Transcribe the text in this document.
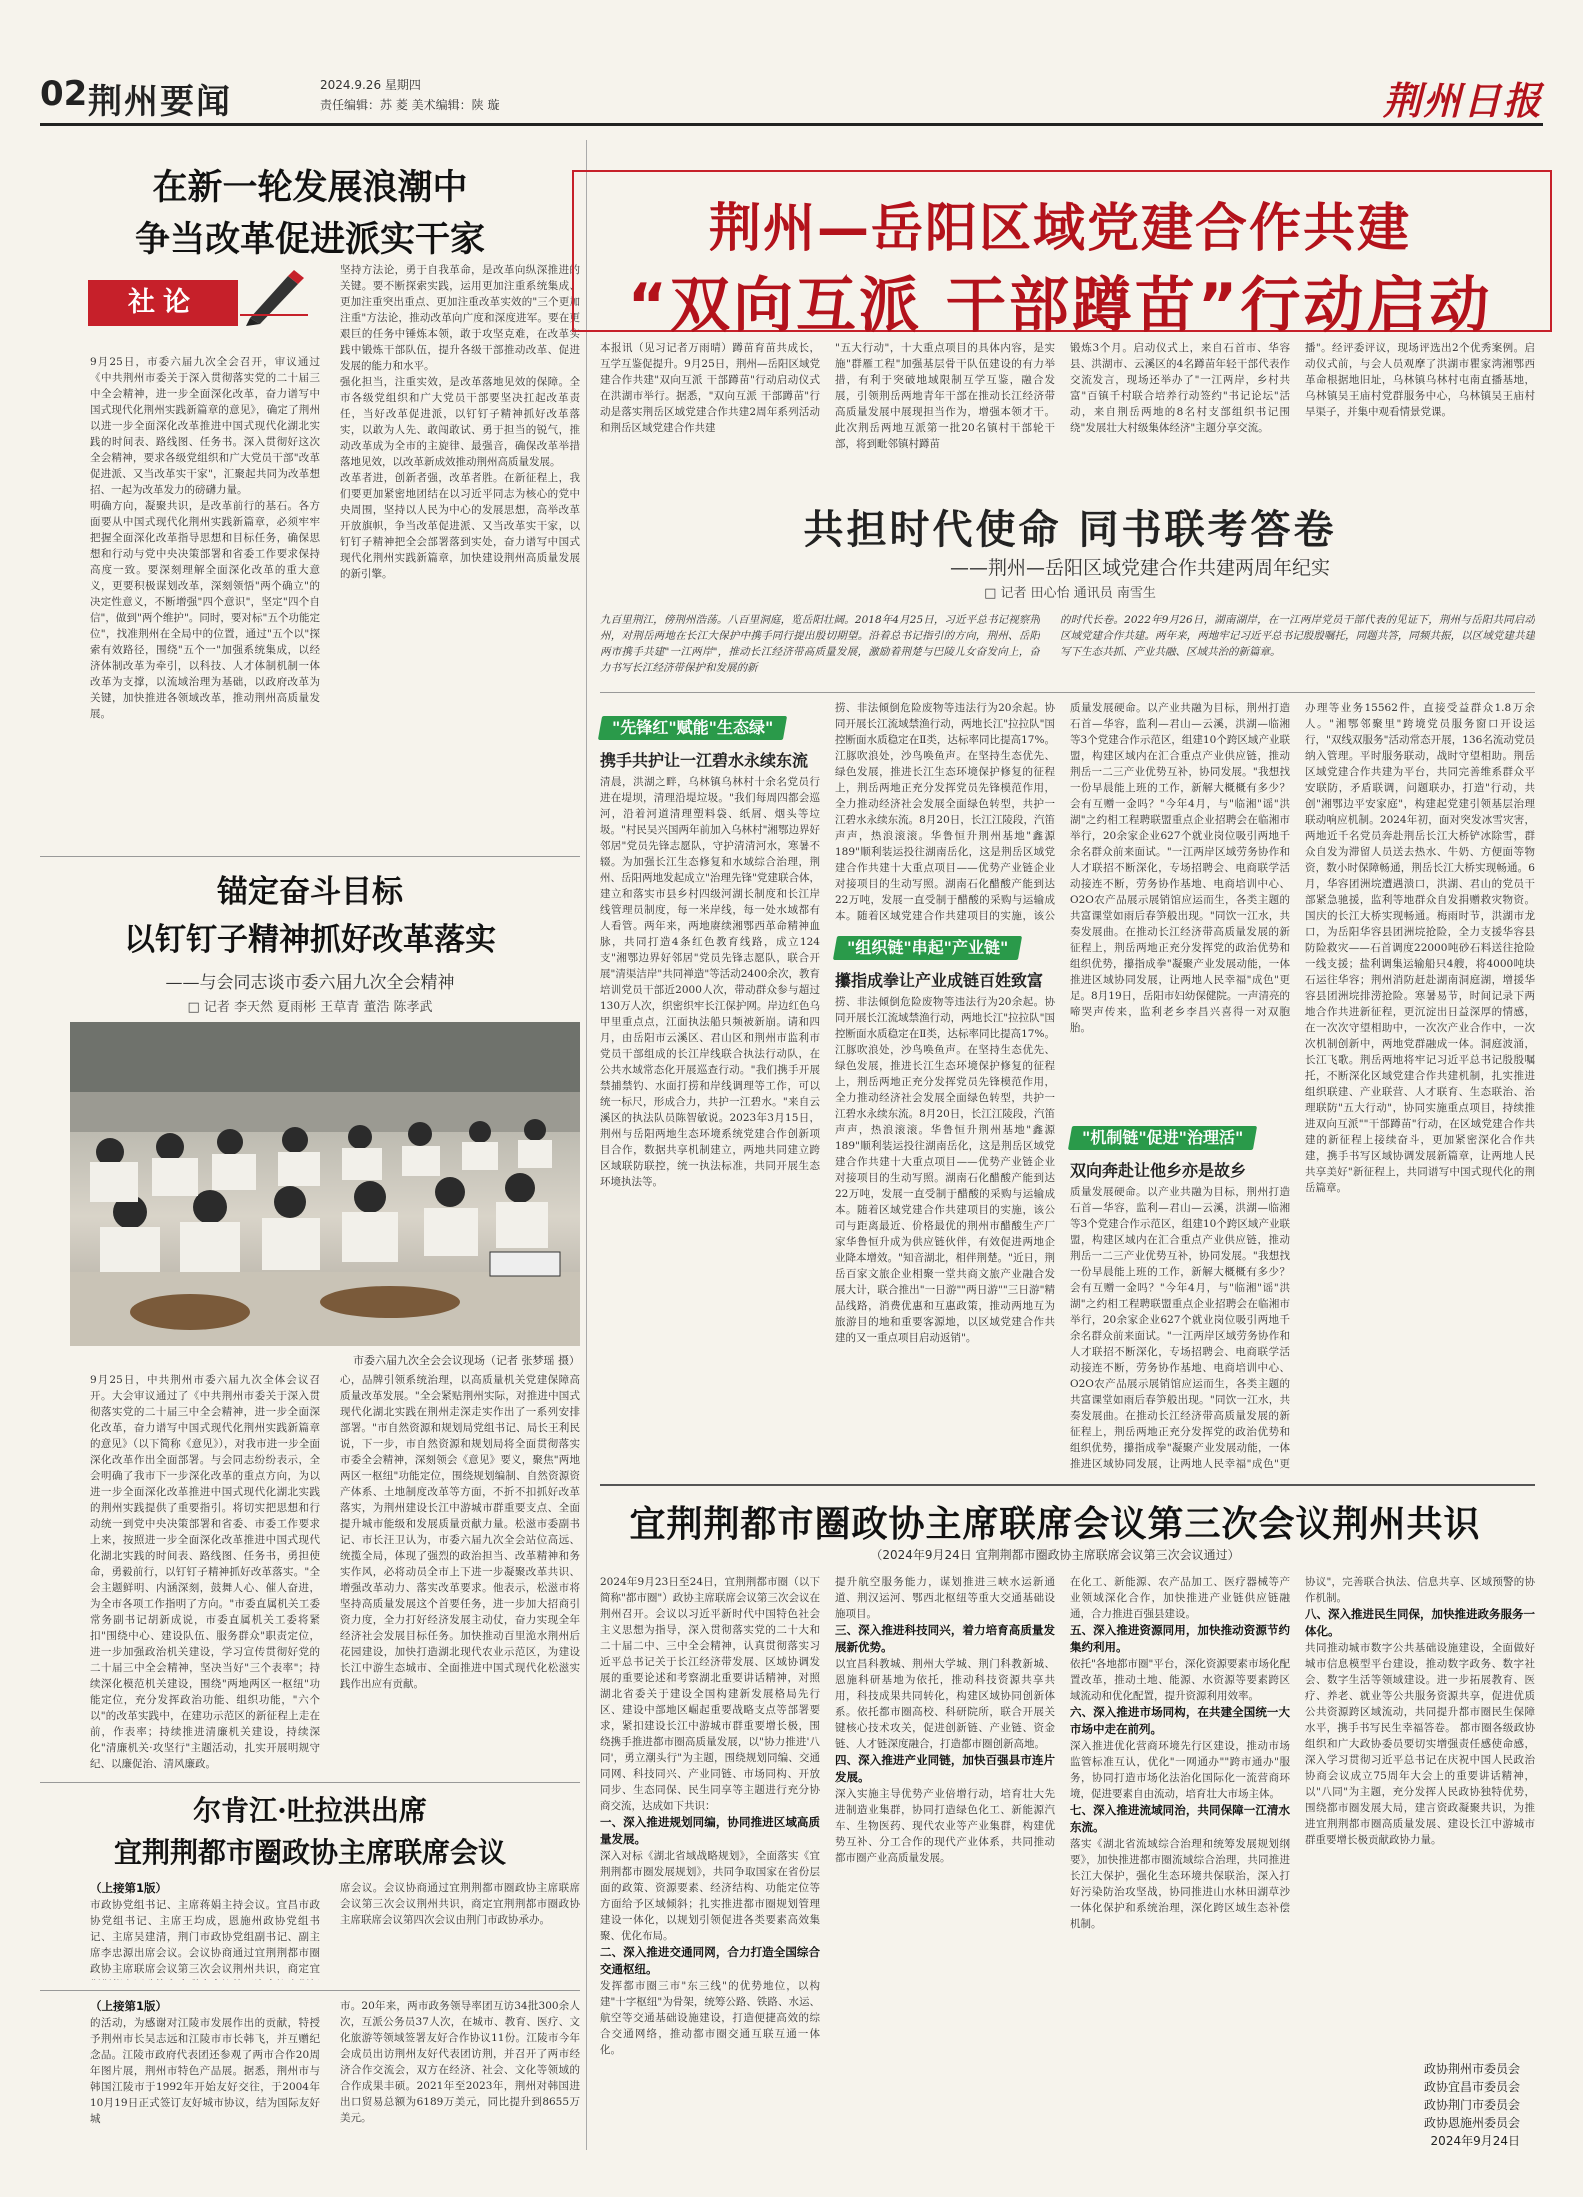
02 荆州要闻	2024.9.26 星期四
责任编辑：苏 菱 美术编辑：陕 璇	荆州日报
在新一轮发展浪潮中
争当改革促进派实干家
社论

9月25日，市委六届九次全会召开，审议通过《中共荆州市委关于深入贯彻落实党的二十届三中全会精神，进一步全面深化改革，奋力谱写中国式现代化荆州实践新篇章的意见》，确定了荆州以进一步全面深化改革推进中国式现代化湖北实践的时间表、路线图、任务书。深入贯彻好这次全会精神，要求各级党组织和广大党员干部"改革促进派、又当改革实干家"，汇聚起共同为改革想招、一起为改革发力的磅礴力量。

明确方向，凝聚共识，是改革前行的基石。各方面要从中国式现代化荆州实践新篇章，必须牢牢把握全面深化改革指导思想和目标任务，确保思想和行动与党中央决策部署和省委工作要求保持高度一致。要深刻理解全面深化改革的重大意义，更要积极谋划改革，深刻领悟"两个确立"的决定性意义，不断增强"四个意识"，坚定"四个自信"，做到"两个维护"。同时，要对标"五个功能定位"，找准荆州在全局中的位置，通过"五个以"探索有效路径，围绕"五个一"加强系统集成，以经济体制改革为牵引，以科技、人才体制机制一体改革为支撑，以流域治理为基础，以政府改革为关键，加快推进各领域改革，推动荆州高质量发展。

坚持方法论，勇于自我革命，是改革向纵深推进的关键。要不断探索实践，运用更加注重系统集成、更加注重突出重点、更加注重改革实效的"三个更加注重"方法论，推动改革向广度和深度进军。要在更艰巨的任务中锤炼本领，敢于攻坚克难，在改革实践中锻炼干部队伍，提升各级干部推动改革、促进发展的能力和水平。

强化担当，注重实效，是改革落地见效的保障。全市各级党组织和广大党员干部要坚决扛起改革责任，当好改革促进派，以钉钉子精神抓好改革落实，以敢为人先、敢闯敢试、勇于担当的锐气，推动改革成为全市的主旋律、最强音，确保改革举措落地见效，以改革新成效推动荆州高质量发展。

改革者进，创新者强，改革者胜。在新征程上，我们要更加紧密地团结在以习近平同志为核心的党中央周围，坚持以人民为中心的发展思想，高举改革开放旗帜，争当改革促进派、又当改革实干家，以钉钉子精神把全会部署落到实处，奋力谱写中国式现代化荆州实践新篇章，加快建设荆州高质量发展的新引擎。

锚定奋斗目标
以钉钉子精神抓好改革落实
——与会同志谈市委六届九次全会精神
□ 记者 李天然 夏雨彬 王草青 董浩 陈孝武
市委六届九次全会会议现场（记者 张梦瑶 摄）

9月25日，中共荆州市委六届九次全体会议召开。大会审议通过了《中共荆州市委关于深入贯彻落实党的二十届三中全会精神，进一步全面深化改革，奋力谱写中国式现代化荆州实践新篇章的意见》（以下简称《意见》），对我市进一步全面深化改革作出全面部署。与会同志纷纷表示，全会明确了我市下一步深化改革的重点方向，为以进一步全面深化改革推进中国式现代化湖北实践的荆州实践提供了重要指引。将切实把思想和行动统一到党中央决策部署和省委、市委工作要求上来，按照进一步全面深化改革推进中国式现代化湖北实践的时间表、路线图、任务书，勇担使命，勇毅前行，以钉钉子精神抓好改革落实。"全会主题鲜明、内涵深刻，鼓舞人心、催人奋进，为全市各项工作指明了方向。"市委直属机关工委常务副书记胡新成说，市委直属机关工委将紧扣"围绕中心、建设队伍、服务群众"职责定位，进一步加强政治机关建设，学习宣传贯彻好党的二十届三中全会精神，坚决当好"三个表率"；持续深化模范机关建设，围绕"两地两区一枢纽"功能定位，充分发挥政治功能、组织功能，"六个以"的改革实践中，在建功示范区的新征程上走在前，作表率；持续推进清廉机关建设，持续深化"清廉机关·攻坚行"主题活动，扎实开展明规守纪、以廉促治、清风廉政。

心，品牌引领系统治理，以高质量机关党建保障高质量改革发展。"全会紧贴荆州实际，对推进中国式现代化湖北实践在荆州走深走实作出了一系列安排部署。"市自然资源和规划局党组书记、局长王利民说，下一步，市自然资源和规划局将全面贯彻落实市委全会精神，深刻领会《意见》要义，聚焦"两地两区一枢纽"功能定位，围绕规划编制、自然资源资产体系、土地制度改革等方面，不折不扣抓好改革落实，为荆州建设长江中游城市群重要支点、全面提升城市能级和发展质量贡献力量。松滋市委副书记、市长汪卫认为，市委六届九次全会站位高远、统揽全局，体现了强烈的政治担当、改革精神和务实作风，必将动员全市上下进一步凝聚改革共识、增强改革动力、落实改革要求。他表示，松滋市将坚持高质量发展这个首要任务，进一步加大招商引资力度，全力打好经济发展主动仗，奋力实现全年经济社会发展目标任务。加快推动百里洈水荆州后花园建设，加快打造湖北现代农业示范区，为建设长江中游生态城市、全面推进中国式现代化松滋实践作出应有贡献。

尔肯江·吐拉洪出席
宜荆荆都市圈政协主席联席会议
（上接第1版）

市政协党组书记、主席蒋娟主持会议。宜昌市政协党组书记、主席王均成，恩施州政协党组书记、主席吴建清，荆门市政协党组副书记、副主席李忠源出席会议。会议协商通过宜荆荆都市圈政协主席联席会议第三次会议荆州共识，商定宜

席会议。会议协商通过宜荆荆都市圈政协主席联席会议第三次会议荆州共识，商定宜荆荆都市圈政协主席联席会议第四次会议由荆门市政协承办。

（上接第1版）

的活动，为感谢对江陵市发展作出的贡献，特授予荆州市长吴志远和江陵市市长韩飞，并互赠纪念品。江陵市政府代表团还参观了两市合作20周年图片展，荆州市特色产品展。据悉，荆州市与韩国江陵市于1992年开始友好交往，于2004年10月19日正式签订友好城市协议，结为国际友好城

市。20年来，两市政务领导率团互访34批300余人次，互派公务员37人次，在城市、教育、医疗、文化旅游等领域签署友好合作协议11份。江陵市今年会成员出访荆州友好代表团访荆，并召开了两市经济合作交流会，双方在经济、社会、文化等领域的合作成果丰硕。2021年至2023年，荆州对韩国进出口贸易总额为6189万美元，同比提升到8655万美元。

荆州—岳阳区域党建合作共建
“双向互派 干部蹲苗”行动启动

本报讯（见习记者万雨晴）蹲苗育苗共成长，互学互鉴促提升。9月25日，荆州—岳阳区域党建合作共建"双向互派 干部蹲苗"行动启动仪式在洪湖市举行。据悉，"双向互派 干部蹲苗"行动是落实荆岳区域党建合作共建2周年系列活动和荆岳区域党建合作共建

"五大行动"，十大重点项目的具体内容，是实施"群雁工程"加强基层骨干队伍建设的有力举措，有利于突破地域限制互学互鉴，融合发展，引领荆岳两地青年干部在推动长江经济带高质量发展中展现担当作为，增强本领才干。此次荆岳两地互派第一批20名镇村干部轮干部，将到毗邻镇村蹲苗

锻炼3个月。启动仪式上，来自石首市、华容县、洪湖市、云溪区的4名蹲苗年轻干部代表作交流发言，现场还举办了"一江两岸，乡村共富"百镇千村联合培养行动签约"书记论坛"活动，来自荆岳两地的8名村支部组织书记围绕"发展壮大村级集体经济"主题分享交流。

播"。经评委评议，现场评选出2个优秀案例。启动仪式前，与会人员观摩了洪湖市瞿家湾湘鄂西革命根据地旧址，乌林镇乌林村屯南直播基地，乌林镇吴王庙村党群服务中心，乌林镇吴王庙村旱渠子，并集中观看情景党课。

共担时代使命 同书联考答卷
——荆州—岳阳区域党建合作共建两周年纪实
□ 记者 田心怡 通讯员 南雪生
九百里荆江，傍荆州浩荡。八百里洞庭，览岳阳壮阔。2018年4月25日，习近平总书记视察荆州，对荆岳两地在长江大保护中携手同行提出殷切期望。沿着总书记指引的方向，荆州、岳阳两市携手共建"一江两岸"，推动长江经济带高质量发展，激励着荆楚与巴陵儿女奋发向上，奋力书写长江经济带保护和发展的新
的时代长卷。2022年9月26日，湖南湖岸，在一江两岸党员干部代表的见证下，荆州与岳阳共同启动区域党建合作共建。两年来，两地牢记习近平总书记殷殷嘱托，同题共答，同频共振，以区域党建共建写下生态共抓、产业共融、区域共治的新篇章。
"先锋红"赋能"生态绿"
携手共护让一江碧水永续东流

清晨，洪湖之畔，乌林镇乌林村十余名党员行进在堤坝，清理沿堤垃圾。"我们每周四都会巡河，沿着河道清理塑料袋、纸屑、烟头等垃圾。"村民吴兴国两年前加入乌林村"湘鄂边界好邻居"党员先锋志愿队，守护清清河水，寒暑不辍。为加强长江生态修复和水域综合治理，荆州、岳阳两地发起成立"治理先锋"党建联合体，建立和落实市县乡村四级河湖长制度和长江岸线管理员制度，每一米岸线，每一处水域都有人看管。两年来，两地赓续湘鄂西革命精神血脉，共同打造4条红色教育线路，成立124支"湘鄂边界好邻居"党员先锋志愿队，联合开展"清渠洁岸"共同禅造"等活动2400余次，教育培训党员干部近2000人次，带动群众参与超过130万人次，织密织牢长江保护网。岸边红色乌甲里重点点，江面执法船只频被新崩。请和四月，由岳阳市云溪区、君山区和荆州市监利市党员干部组成的长江岸线联合执法行动队，在公共水域常态化开展巡查行动。"我们携手开展禁捕禁钓、水面打捞和岸线调理等工作，可以统一标尺，形成合力，共护一江碧水。"来自云溪区的执法队员陈智敏说。2023年3月15日，荆州与岳阳两地生态环境系统党建合作创新项目合作，数据共享机制建立，两地共同建立跨区域联防联控，统一执法标准，共同开展生态环境执法等。

捞、非法倾倒危险废物等违法行为20余起。协同开展长江流域禁渔行动，两地长江"拉拉队"国控断面水质稳定在Ⅱ类，达标率同比提高17%。江豚吹浪处，沙鸟唤鱼声。在坚持生态优先、绿色发展，推进长江生态环境保护修复的征程上，荆岳两地正充分发挥党员先锋模范作用，全力推动经济社会发展全面绿色转型，共护一江碧水永续东流。8月20日，长江江陵段，汽笛声声，热浪滚滚。华鲁恒升荆州基地"鑫源189"顺利装运投往湖南岳化，这是荆岳区域党建合作共建十大重点项目——优势产业链企业对接项目的生动写照。湖南石化醋酸产能到达22万吨，发展一直受制于醋酸的采购与运输成本。随着区域党建合作共建项目的实施，该公

"组织链"串起"产业链"
攥指成拳让产业成链百姓致富

捞、非法倾倒危险废物等违法行为20余起。协同开展长江流域禁渔行动，两地长江"拉拉队"国控断面水质稳定在Ⅱ类，达标率同比提高17%。江豚吹浪处，沙鸟唤鱼声。在坚持生态优先、绿色发展，推进长江生态环境保护修复的征程上，荆岳两地正充分发挥党员先锋模范作用，全力推动经济社会发展全面绿色转型，共护一江碧水永续东流。8月20日，长江江陵段，汽笛声声，热浪滚滚。华鲁恒升荆州基地"鑫源189"顺利装运投往湖南岳化，这是荆岳区域党建合作共建十大重点项目——优势产业链企业对接项目的生动写照。湖南石化醋酸产能到达22万吨，发展一直受制于醋酸的采购与运输成本。随着区域党建合作共建项目的实施，该公司与距离最近、价格最优的荆州市醋酸生产厂家华鲁恒升成为供应链伙伴，有效促进两地企业降本增效。"知音湖北，相伴荆楚。"近日，荆岳百家文旅企业相聚一堂共商文旅产业融合发展大计，联合推出"一日游""两日游""三日游"精品线路，消费优惠和互惠政策，推动两地互为旅游目的地和重要客源地，以区域党建合作共建的又一重点项目启动返销"。

质量发展硬命。以产业共融为目标，荆州打造石首—华容，监利—君山—云溪，洪湖—临湘等3个党建合作示范区，组建10个跨区域产业联盟，构建区域内在汇合重点产业供应链，推动荆岳一二三产业优势互补，协同发展。"我想找一份早晨能上班的工作，新解大概概有多少？会有互赠一金吗？"今年4月，与"临湘"谣"洪湖"之约相工程聘联盟重点企业招聘会在临湘市举行，20余家企业627个就业岗位吸引两地千余名群众前来面试。"一江两岸区域劳务协作和人才联招不断深化，专场招聘会、电商联学活动接连不断，劳务协作基地、电商培训中心、O2O农产品展示展销馆应运而生，各类主题的共富课堂如雨后春笋般出现。"同饮一江水，共奏发展曲。在推动长江经济带高质量发展的新征程上，荆岳两地正充分发挥党的政治优势和组织优势，攥指成拳"凝聚产业发展动能，一体推进区域协同发展，让两地人民幸福"成色"更足。8月19日，岳阳市妇幼保健院。一声清亮的啼哭声传来，监利老乡李昌兴喜得一对双胞胎。

"机制链"促进"治理活"
双向奔赴让他乡亦是故乡

质量发展硬命。以产业共融为目标，荆州打造石首—华容，监利—君山—云溪，洪湖—临湘等3个党建合作示范区，组建10个跨区域产业联盟，构建区域内在汇合重点产业供应链，推动荆岳一二三产业优势互补，协同发展。"我想找一份早晨能上班的工作，新解大概概有多少？会有互赠一金吗？"今年4月，与"临湘"谣"洪湖"之约相工程聘联盟重点企业招聘会在临湘市举行，20余家企业627个就业岗位吸引两地千余名群众前来面试。"一江两岸区域劳务协作和人才联招不断深化，专场招聘会、电商联学活动接连不断，劳务协作基地、电商培训中心、O2O农产品展示展销馆应运而生，各类主题的共富课堂如雨后春笋般出现。"同饮一江水，共奏发展曲。在推动长江经济带高质量发展的新征程上，荆岳两地正充分发挥党的政治优势和组织优势，攥指成拳"凝聚产业发展动能，一体推进区域协同发展，让两地人民幸福"成色"更

办理等业务15562件，直接受益群众1.8万余人。"湘鄂邻聚里"跨境党员服务窗口开设运行，"双线双服务"活动常态开展，136名流动党员纳入管理。平时服务联动，战时守望相助。荆岳区域党建合作共建为平台，共同完善维系群众平安联防，矛盾联调，问题联办，打造"行动，共创"湘鄂边平安家庭"，构建起党建引领基层治理联动响应机制。2024年初，面对突发冰雪灾害，两地近千名党员奔赴荆岳长江大桥铲冰除雪，群众自发为滞留人员送去热水、牛奶、方便面等物资，数小时保障畅通，荆岳长江大桥实现畅通。6月，华容团洲垸遭遇溃口，洪湖、君山的党员干部紧急驰援，监利等地群众自发捐赠救灾物资。国庆的长江大桥实现畅通。梅雨时节，洪湖市龙口，为岳阳华容县团洲垸抢险，全力支援华容县防险救灾——石首调度22000吨砂石料送往抢险一线支援；盐利调集运输船只4艘，将4000吨块石运往华容；荆州消防赶赴湖南洞庭湖，增援华容县团洲垸排涝抢险。寒暑易节，时间记录下两地合作共进新征程，更沉淀出日益深厚的情感，在一次次守望相助中，一次次产业合作中，一次次机制创新中，两地党群融成一体。洞庭波涌，长江飞歌。荆岳两地将牢记习近平总书记殷殷嘱托，不断深化区域党建合作共建机制，扎实推进组织联建、产业联营、人才联育、生态联治、治理联防"五大行动"，协同实施重点项目，持续推进双向互派""干部蹲苗"行动，在区域党建合作共建的新征程上接续奋斗，更加紧密深化合作共建，携手书写区域协调发展新篇章，让两地人民共享美好"新征程上，共同谱写中国式现代化的荆岳篇章。

宜荆荆都市圈政协主席联席会议第三次会议荆州共识
（2024年9月24日 宜荆荆都市圈政协主席联席会议第三次会议通过）

2024年9月23日至24日，宜荆荆都市圈（以下简称"都市圈"）政协主席联席会议第三次会议在荆州召开。会议以习近平新时代中国特色社会主义思想为指导，深入贯彻落实党的二十大和二十届二中、三中全会精神，认真贯彻落实习近平总书记关于长江经济带发展、区域协调发展的重要论述和考察湖北重要讲话精神，对照湖北省委关于建设全国构建新发展格局先行区、建设中部地区崛起重要战略支点等部署要求，紧扣建设长江中游城市群重要增长极，围绕携手推进都市圈高质量发展，以"协力推进'八同'，勇立潮头行"为主题，围绕规划同编、交通同网、科技同兴、产业同链、市场同构、开放同步、生态同保、民生同享等主题进行充分协商交流，达成如下共识：

一、深入推进规划同编，协同推进区域高质量发展。

深入对标《湖北省域战略规划》，全面落实《宜荆荆都市圈发展规划》，共同争取国家在省份层面的政策、资源要素、经济结构、功能定位等方面给予区域倾斜；扎实推进都市圈规划管理建设一体化，以规划引领促进各类要素高效集聚、优化布局。

二、深入推进交通同网，合力打造全国综合交通枢纽。

发挥都市圈三市"东三线"的优势地位，以构建"十字枢纽"为骨架，统筹公路、铁路、水运、航空等交通基础设施建设，打造便捷高效的综合交通网络，推动都市圈交通互联互通一体化。

提升航空服务能力，谋划推进三峡水运新通道、荆汉运河、鄂西北枢纽等重大交通基础设施项目。

三、深入推进科技同兴，着力培育高质量发展新优势。

以宜昌科教城、荆州大学城、荆门科教新城、恩施科研基地为依托，推动科技资源共享共用，科技成果共同转化，构建区域协同创新体系。依托都市圈高校、科研院所，联合开展关键核心技术攻关，促进创新链、产业链、资金链、人才链深度融合，打造都市圈创新高地。

四、深入推进产业同链，加快百强县市连片发展。

深入实施主导优势产业倍增行动，培育壮大先进制造业集群，协同打造绿色化工、新能源汽车、生物医药、现代农业等产业集群，构建优势互补、分工合作的现代产业体系，共同推动都市圈产业高质量发展。

在化工、新能源、农产品加工、医疗器械等产业领域深化合作，加快推进产业链供应链融通，合力推进百强县建设。

五、深入推进资源同用，加快推动资源节约集约利用。

依托"各地都市圈"平台，深化资源要素市场化配置改革，推动土地、能源、水资源等要素跨区域流动和优化配置，提升资源利用效率。

六、深入推进市场同构，在共建全国统一大市场中走在前列。

深入推进优化营商环境先行区建设，推动市场监管标准互认，优化"一网通办""跨市通办"服务，协同打造市场化法治化国际化一流营商环境，促进要素自由流动，培育壮大市场主体。

七、深入推进流域同治，共同保障一江清水东流。

落实《湖北省流域综合治理和统筹发展规划纲要》，加快推进都市圈流域综合治理，共同推进长江大保护，强化生态环境共保联治，深入打好污染防治攻坚战，协同推进山水林田湖草沙一体化保护和系统治理，深化跨区域生态补偿机制。

协议"，完善联合执法、信息共享、区域预警的协作机制。

八、深入推进民生同保，加快推进政务服务一体化。

共同推动城市数字公共基础设施建设，全面做好城市信息模型平台建设，推动数字政务、数字社会、数字生活等领域建设。进一步拓展教育、医疗、养老、就业等公共服务资源共享，促进优质公共资源跨区域流动，共同提升都市圈民生保障水平，携手书写民生幸福答卷。 都市圈各级政协组织和广大政协委员要切实增强责任感使命感，深入学习贯彻习近平总书记在庆祝中国人民政治协商会议成立75周年大会上的重要讲话精神，以"八同"为主题，充分发挥人民政协独特优势，围绕都市圈发展大局，建言资政凝聚共识，为推进宜荆荆都市圈高质量发展、建设长江中游城市群重要增长极贡献政协力量。

政协荆州市委员会
政协宜昌市委员会
政协荆门市委员会
政协恩施州委员会
2024年9月24日
